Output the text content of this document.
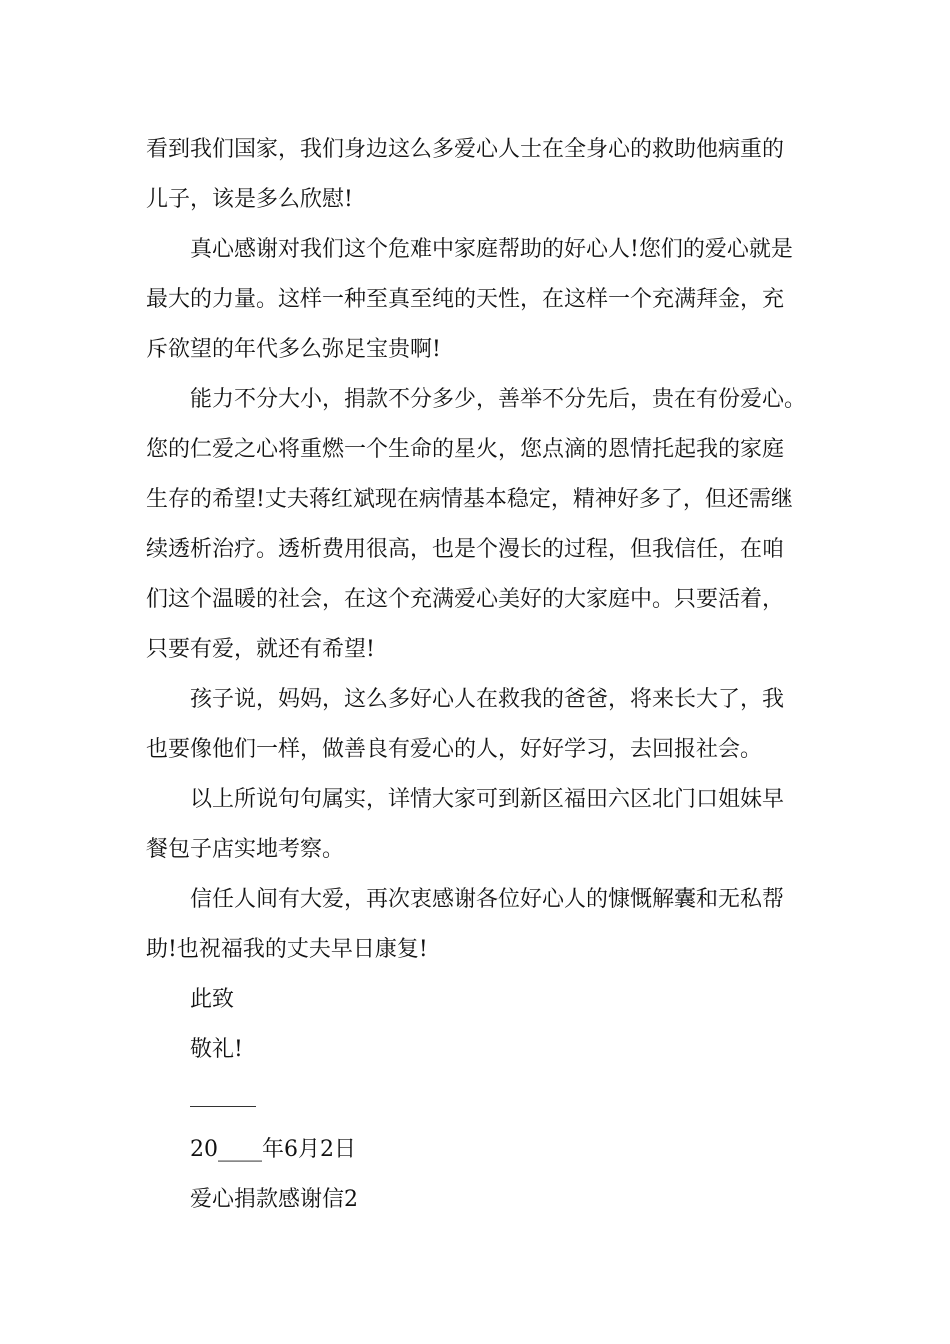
看到我们国家，我们身边这么多爱心人士在全身心的救助他病重的
儿子，该是多么欣慰!
真心感谢对我们这个危难中家庭帮助的好心人!您们的爱心就是
最大的力量。这样一种至真至纯的天性，在这样一个充满拜金，充
斥欲望的年代多么弥足宝贵啊!
能力不分大小，捐款不分多少，善举不分先后，贵在有份爱心。
您的仁爱之心将重燃一个生命的星火，您点滴的恩情托起我的家庭
生存的希望!丈夫蒋红斌现在病情基本稳定，精神好多了，但还需继
续透析治疗。透析费用很高，也是个漫长的过程，但我信任，在咱
们这个温暖的社会，在这个充满爱心美好的大家庭中。只要活着，
只要有爱，就还有希望!
孩子说，妈妈，这么多好心人在救我的爸爸，将来长大了，我
也要像他们一样，做善良有爱心的人，好好学习，去回报社会。
以上所说句句属实，详情大家可到新区福田六区北门口姐妹早
餐包子店实地考察。
信任人间有大爱，再次衷感谢各位好心人的慷慨解囊和无私帮
助!也祝福我的丈夫早日康复!
此致
敬礼!
20____年6月2日
爱心捐款感谢信2
